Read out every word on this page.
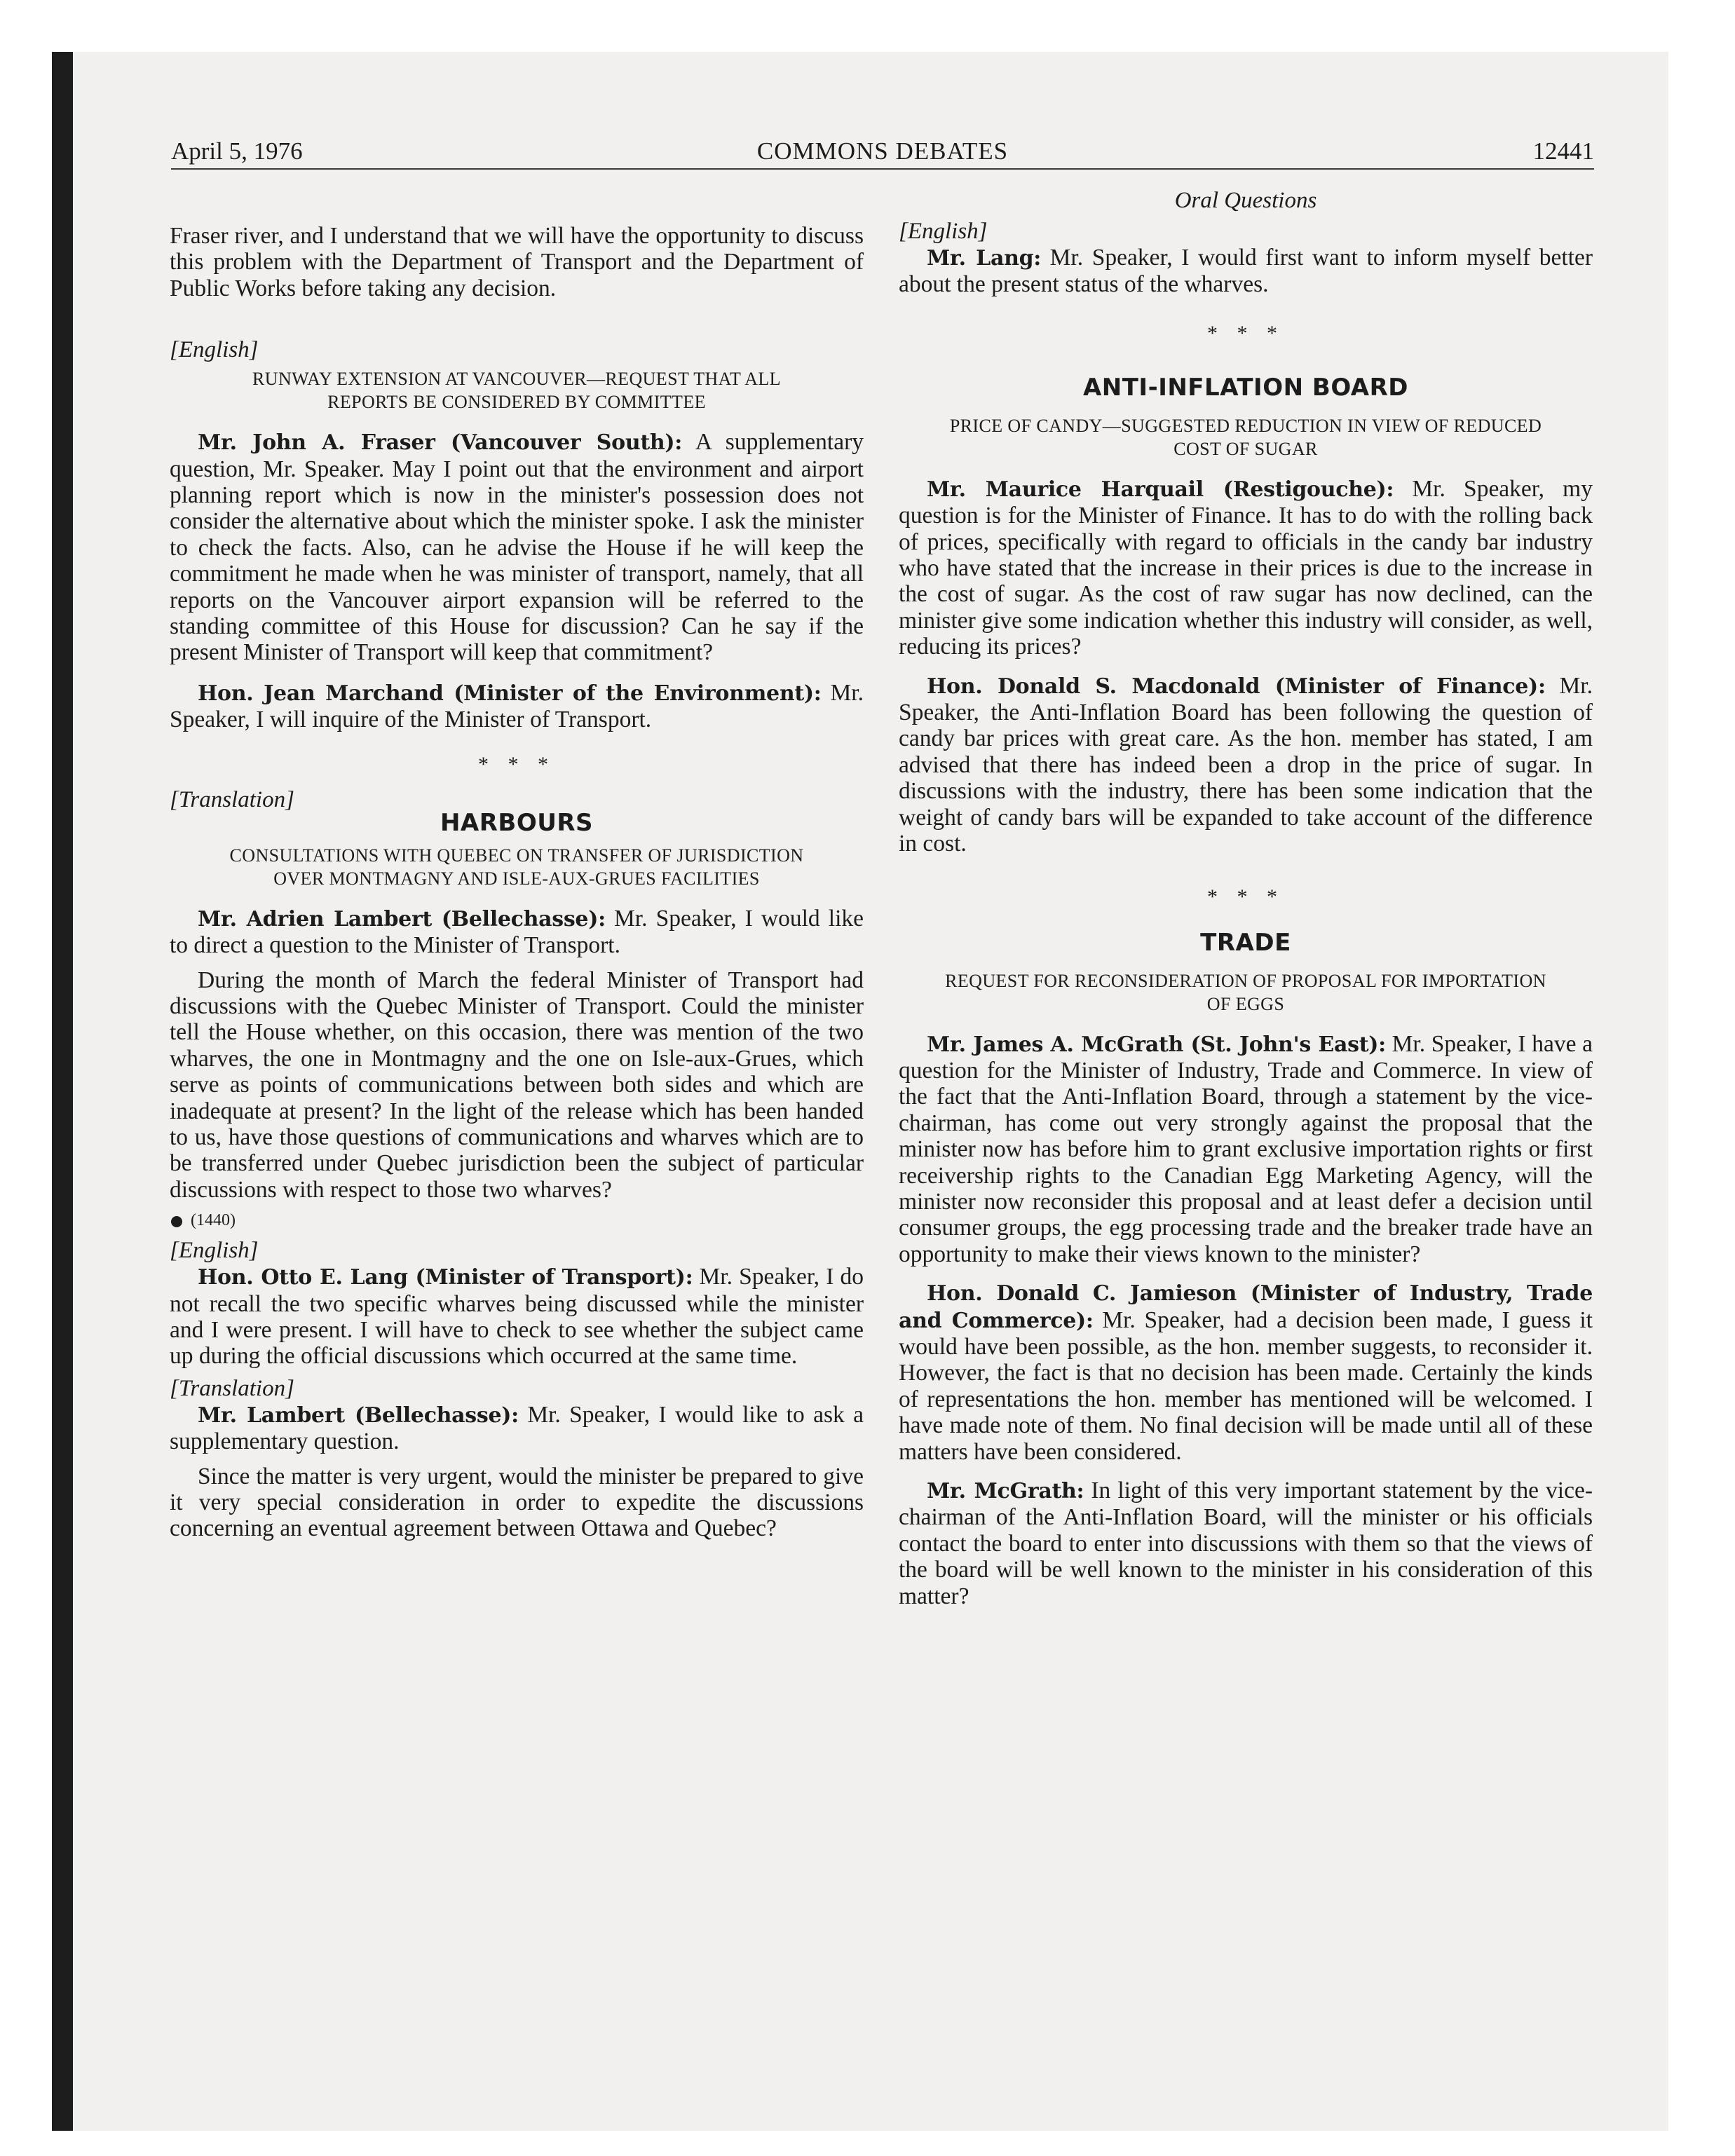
April 5, 1976	COMMONS DEBATES	12441

Fraser river, and I understand that we will have the opportunity to discuss this problem with the Department of Transport and the Department of Public Works before taking any decision.

[English]

RUNWAY EXTENSION AT VANCOUVER—REQUEST THAT ALL REPORTS BE CONSIDERED BY COMMITTEE

Mr. John A. Fraser (Vancouver South): A supplementary question, Mr. Speaker. May I point out that the environment and airport planning report which is now in the minister's possession does not consider the alternative about which the minister spoke. I ask the minister to check the facts. Also, can he advise the House if he will keep the commitment he made when he was minister of transport, namely, that all reports on the Vancouver airport expansion will be referred to the standing committee of this House for discussion? Can he say if the present Minister of Transport will keep that commitment?

Hon. Jean Marchand (Minister of the Environment): Mr. Speaker, I will inquire of the Minister of Transport.

* * *

[Translation]

HARBOURS

CONSULTATIONS WITH QUEBEC ON TRANSFER OF JURISDICTION OVER MONTMAGNY AND ISLE-AUX-GRUES FACILITIES

Mr. Adrien Lambert (Bellechasse): Mr. Speaker, I would like to direct a question to the Minister of Transport.

During the month of March the federal Minister of Transport had discussions with the Quebec Minister of Transport. Could the minister tell the House whether, on this occasion, there was mention of the two wharves, the one in Montmagny and the one on Isle-aux-Grues, which serve as points of communications between both sides and which are inadequate at present? In the light of the release which has been handed to us, have those questions of communications and wharves which are to be transferred under Quebec jurisdiction been the subject of particular discussions with respect to those two wharves?

(1440)

[English]

Hon. Otto E. Lang (Minister of Transport): Mr. Speaker, I do not recall the two specific wharves being discussed while the minister and I were present. I will have to check to see whether the subject came up during the official discussions which occurred at the same time.

[Translation]

Mr. Lambert (Bellechasse): Mr. Speaker, I would like to ask a supplementary question.

Since the matter is very urgent, would the minister be prepared to give it very special consideration in order to expedite the discussions concerning an eventual agreement between Ottawa and Quebec?

Oral Questions

[English]

Mr. Lang: Mr. Speaker, I would first want to inform myself better about the present status of the wharves.

* * *

ANTI-INFLATION BOARD

PRICE OF CANDY—SUGGESTED REDUCTION IN VIEW OF REDUCED COST OF SUGAR

Mr. Maurice Harquail (Restigouche): Mr. Speaker, my question is for the Minister of Finance. It has to do with the rolling back of prices, specifically with regard to officials in the candy bar industry who have stated that the increase in their prices is due to the increase in the cost of sugar. As the cost of raw sugar has now declined, can the minister give some indication whether this industry will consider, as well, reducing its prices?

Hon. Donald S. Macdonald (Minister of Finance): Mr. Speaker, the Anti-Inflation Board has been following the question of candy bar prices with great care. As the hon. member has stated, I am advised that there has indeed been a drop in the price of sugar. In discussions with the industry, there has been some indication that the weight of candy bars will be expanded to take account of the difference in cost.

* * *

TRADE

REQUEST FOR RECONSIDERATION OF PROPOSAL FOR IMPORTATION OF EGGS

Mr. James A. McGrath (St. John's East): Mr. Speaker, I have a question for the Minister of Industry, Trade and Commerce. In view of the fact that the Anti-Inflation Board, through a statement by the vice-chairman, has come out very strongly against the proposal that the minister now has before him to grant exclusive importation rights or first receivership rights to the Canadian Egg Marketing Agency, will the minister now reconsider this proposal and at least defer a decision until consumer groups, the egg processing trade and the breaker trade have an opportunity to make their views known to the minister?

Hon. Donald C. Jamieson (Minister of Industry, Trade and Commerce): Mr. Speaker, had a decision been made, I guess it would have been possible, as the hon. member suggests, to reconsider it. However, the fact is that no decision has been made. Certainly the kinds of representations the hon. member has mentioned will be welcomed. I have made note of them. No final decision will be made until all of these matters have been considered.

Mr. McGrath: In light of this very important statement by the vice-chairman of the Anti-Inflation Board, will the minister or his officials contact the board to enter into discussions with them so that the views of the board will be well known to the minister in his consideration of this matter?
